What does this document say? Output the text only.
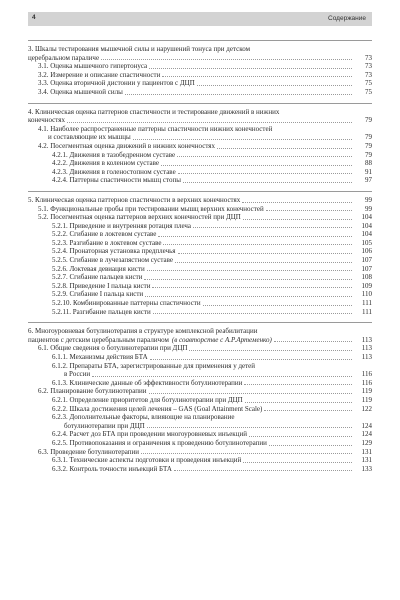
4	Содержание
3. Шкалы тестирования мышечной силы и нарушений тонуса при детском
церебральном параличе	73
3.1. Оценка мышечного гипертонуса	73
3.2. Измерение и описание спастичности	73
3.3. Оценка вторичной дистонии у пациентов с ДЦП	75
3.4. Оценка мышечной силы	75
4. Клиническая оценка паттернов спастичности и тестирование движений в нижних
конечностях	79
4.1. Наиболее распространенные паттерны спастичности нижних конечностей
и составляющие их мышцы	79
4.2. Посегментная оценка движений в нижних конечностях	79
4.2.1. Движения в тазобедренном суставе	79
4.2.2. Движения в коленном суставе	88
4.2.3. Движения в голеностопном суставе	91
4.2.4. Паттерны спастичности мышц стопы	97
5. Клиническая оценка паттернов спастичности в верхних конечностях	99
5.1. Функциональные пробы при тестировании мышц верхних конечностей	99
5.2. Посегментная оценка паттернов верхних конечностей при ДЦП	104
5.2.1. Приведение и внутренняя ротация плеча	104
5.2.2. Сгибание в локтевом суставе	104
5.2.3. Разгибание в локтевом суставе	105
5.2.4. Пронаторная установка предплечья	106
5.2.5. Сгибание в лучезапястном суставе	107
5.2.6. Локтевая девиация кисти	107
5.2.7. Сгибание пальцев кисти	108
5.2.8. Приведение I пальца кисти	109
5.2.9. Сгибание I пальца кисти	110
5.2.10. Комбинированные паттерны спастичности	111
5.2.11. Разгибание пальцев кисти	111
6. Многоуровневая ботулинотерапия в структуре комплексной реабилитации
пациентов с детским церебральным параличом (в соавторстве с А.Р.Артеменко)	113
6.1. Общие сведения о ботулинотерапии при ДЦП	113
6.1.1. Механизмы действия БТА	113
6.1.2. Препараты БТА, зарегистрированные для применения у детей
в России	116
6.1.3. Клинические данные об эффективности ботулинотерапии	116
6.2. Планирование ботулинотерапии	119
6.2.1. Определение приоритетов для ботулинотерапии при ДЦП	119
6.2.2. Шкала достижения целей лечения – GAS (Goal Attainment Scale)	122
6.2.3. Дополнительные факторы, влияющие на планирование
ботулинотерапии при ДЦП	124
6.2.4. Расчет доз БТА при проведении многоуровневых инъекций	124
6.2.5. Противопоказания и ограничения к проведению ботулинотерапии	129
6.3. Проведение ботулинотерапии	131
6.3.1. Технические аспекты подготовки и проведения инъекций	131
6.3.2. Контроль точности инъекций БТА	133
